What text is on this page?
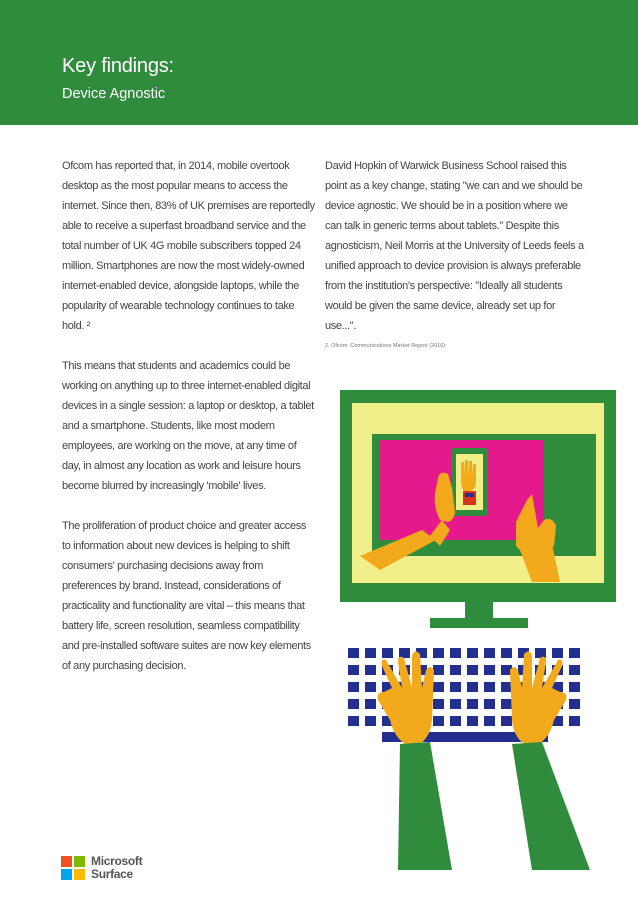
Key findings:
Device Agnostic

Ofcom has reported that, in 2014, mobile overtook desktop as the most popular means to access the internet. Since then, 83% of UK premises are reportedly able to receive a superfast broadband service and the total number of UK 4G mobile subscribers topped 24 million. Smartphones are now the most widely-owned internet-enabled device, alongside laptops, while the popularity of wearable technology continues to take hold. ²

This means that students and academics could be working on anything up to three internet-enabled digital devices in a single session: a laptop or desktop, a tablet and a smartphone. Students, like most modern employees, are working on the move, at any time of day, in almost any location as work and leisure hours become blurred by increasingly 'mobile' lives.

The proliferation of product choice and greater access to information about new devices is helping to shift consumers' purchasing decisions away from preferences by brand. Instead, considerations of practicality and functionality are vital – this means that battery life, screen resolution, seamless compatibility and pre-installed software suites are now key elements of any purchasing decision.

David Hopkin of Warwick Business School raised this point as a key change, stating "we can and we should be device agnostic. We should be in a position where we can talk in generic terms about tablets." Despite this agnosticism, Neil Morris at the University of Leeds feels a unified approach to device provision is always preferable from the institution's perspective: "Ideally all students would be given the same device, already set up for use...".

2. Ofcom: Communications Market Report (2016)
Microsoft
Surface
8
